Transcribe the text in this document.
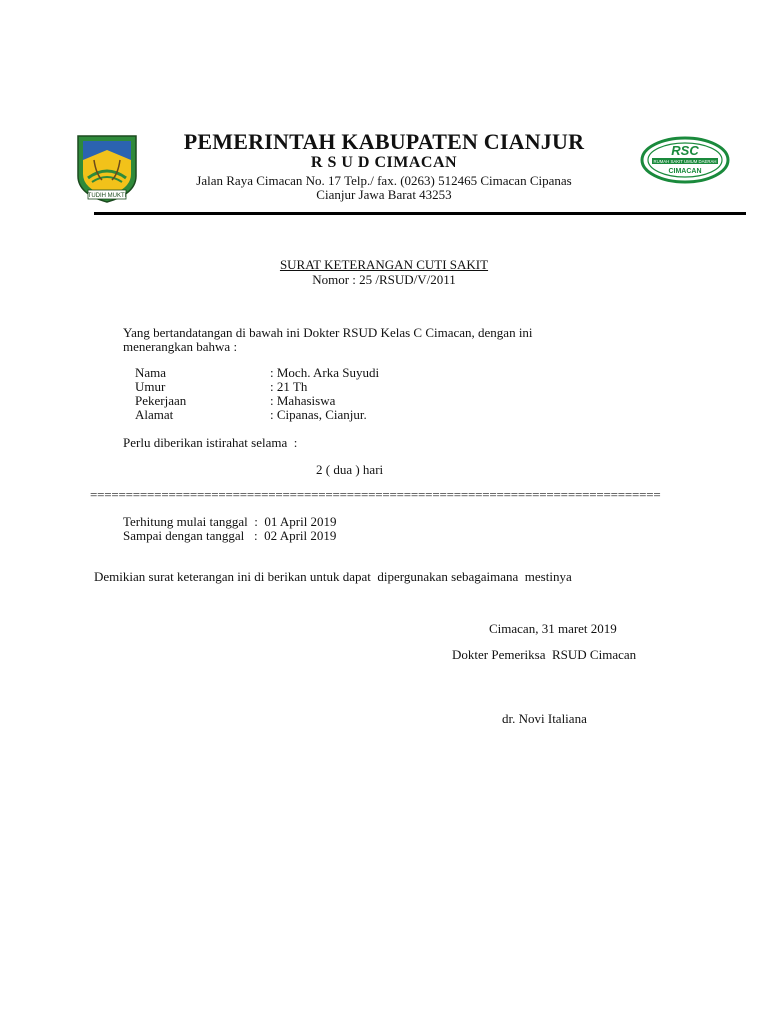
TUDIH MUKTI
RSC
RUMAH SAKIT UMUM DAERAH
CIMACAN
PEMERINTAH KABUPATEN CIANJUR
R S U D CIMACAN
Jalan Raya Cimacan No. 17 Telp./ fax. (0263) 512465 Cimacan Cipanas
Cianjur Jawa Barat 43253
SURAT KETERANGAN CUTI SAKIT
Nomor : 25 /RSUD/V/2011
Yang bertandatangan di bawah ini Dokter RSUD Kelas C Cimacan, dengan ini
menerangkan bahwa :
Nama	: Moch. Arka Suyudi
Umur	: 21 Th
Pekerjaan	: Mahasiswa
Alamat	: Cipanas, Cianjur.
Perlu diberikan istirahat selama  :
2 ( dua ) hari
================================================================================
Terhitung mulai tanggal  :  01 April 2019
Sampai dengan tanggal   :  02 April 2019
Demikian surat keterangan ini di berikan untuk dapat  dipergunakan sebagaimana  mestinya
Cimacan, 31 maret 2019
Dokter Pemeriksa  RSUD Cimacan
dr. Novi Italiana
